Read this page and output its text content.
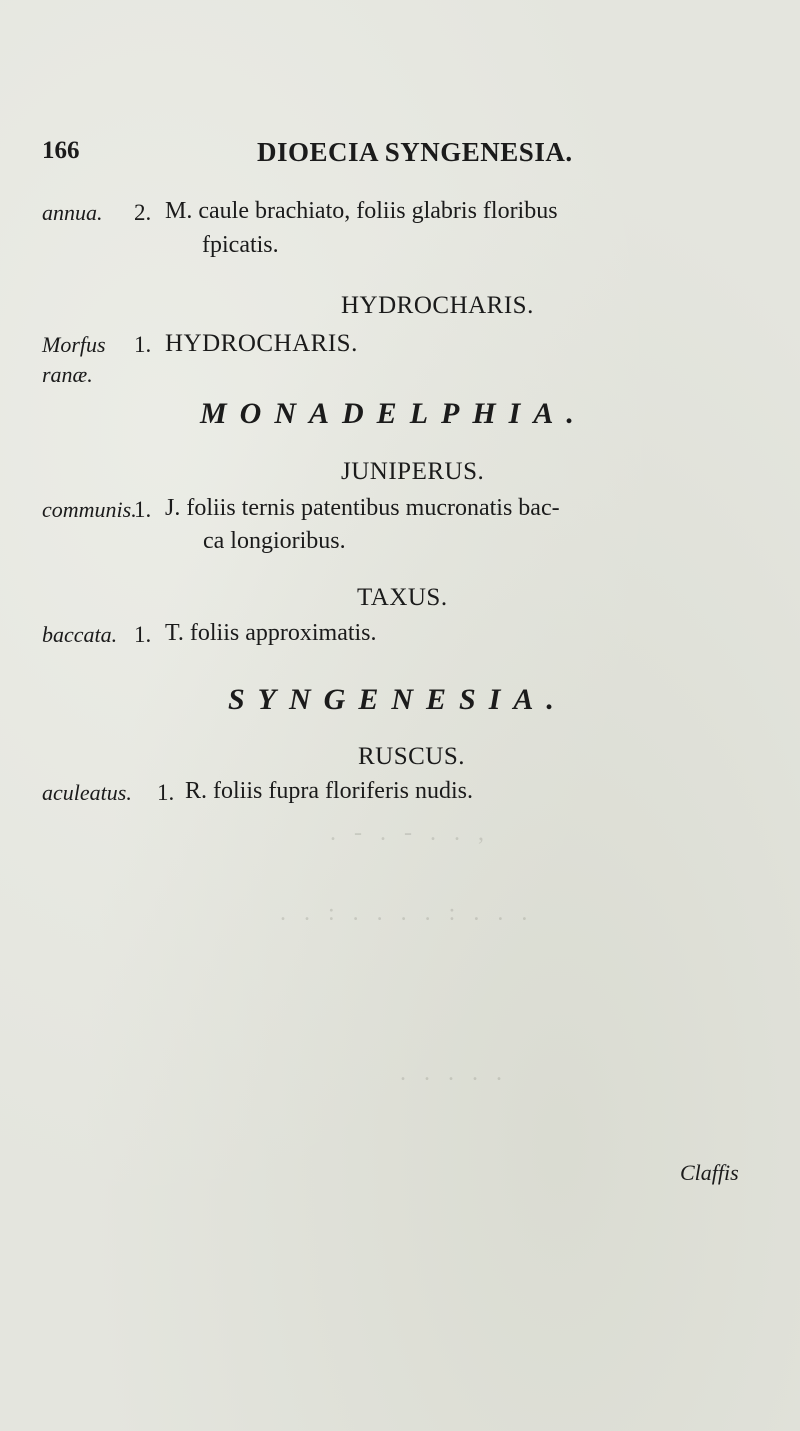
. - . - . . ,
. . : . . . . : . . .
. . . . .
166	DIOECIA SYNGENESIA.
annua. 2. M. caule brachiato, foliis glabris floribus
fpicatis.
HYDROCHARIS.
Morfus
ranæ.
1. HYDROCHARIS.
MONADELPHIA.
JUNIPERUS.
communis.
1. J. foliis ternis patentibus mucronatis bac-
ca longioribus.
TAXUS.
baccata. 1. T. foliis approximatis.
SYNGENESIA.
RUSCUS.
aculeatus. 1. R. foliis fupra floriferis nudis.
Claffis
